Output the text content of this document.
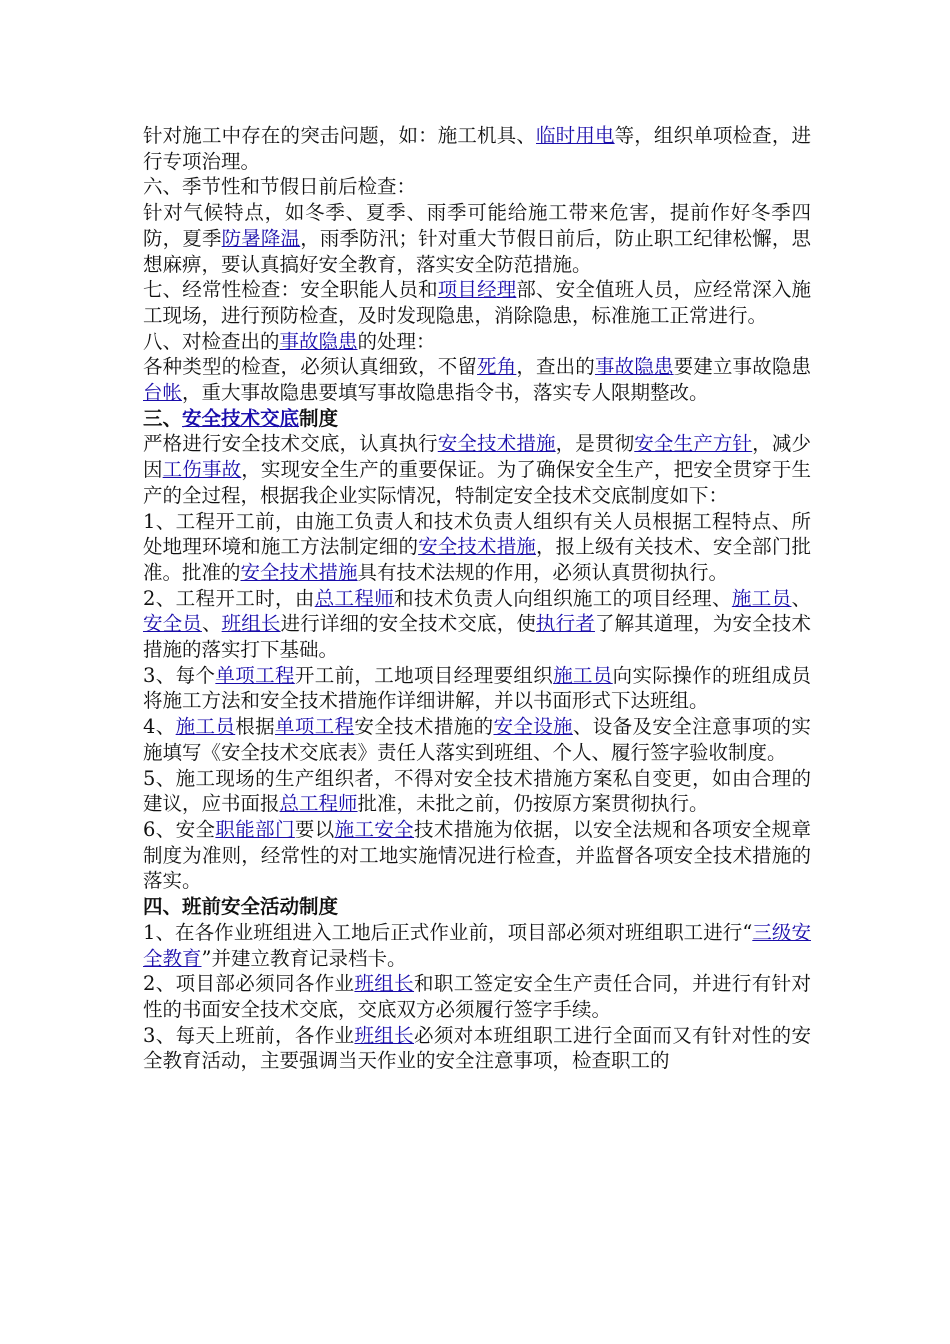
针对施工中存在的突击问题，如：施工机具、临时用电等，组织单项检查，进行专项治理。

六、季节性和节假日前后检查：

针对气候特点，如冬季、夏季、雨季可能给施工带来危害，提前作好冬季四防，夏季防暑降温，雨季防汛；针对重大节假日前后，防止职工纪律松懈，思想麻痹，要认真搞好安全教育，落实安全防范措施。

七、经常性检查：安全职能人员和项目经理部、安全值班人员，应经常深入施工现场，进行预防检查，及时发现隐患，消除隐患，标准施工正常进行。

八、对检查出的事故隐患的处理：

各种类型的检查，必须认真细致，不留死角，查出的事故隐患要建立事故隐患台帐，重大事故隐患要填写事故隐患指令书，落实专人限期整改。

三、安全技术交底制度

严格进行安全技术交底，认真执行安全技术措施，是贯彻安全生产方针，减少因工伤事故，实现安全生产的重要保证。为了确保安全生产，把安全贯穿于生产的全过程，根据我企业实际情况，特制定安全技术交底制度如下：

1、工程开工前，由施工负责人和技术负责人组织有关人员根据工程特点、所处地理环境和施工方法制定细的安全技术措施，报上级有关技术、安全部门批准。批准的安全技术措施具有技术法规的作用，必须认真贯彻执行。

2、工程开工时，由总工程师和技术负责人向组织施工的项目经理、施工员、安全员、班组长进行详细的安全技术交底，使执行者了解其道理，为安全技术措施的落实打下基础。

3、每个单项工程开工前，工地项目经理要组织施工员向实际操作的班组成员将施工方法和安全技术措施作详细讲解，并以书面形式下达班组。

4、施工员根据单项工程安全技术措施的安全设施、设备及安全注意事项的实施填写《安全技术交底表》责任人落实到班组、个人、履行签字验收制度。

5、施工现场的生产组织者，不得对安全技术措施方案私自变更，如由合理的建议，应书面报总工程师批准，未批之前，仍按原方案贯彻执行。

6、安全职能部门要以施工安全技术措施为依据，以安全法规和各项安全规章制度为准则，经常性的对工地实施情况进行检查，并监督各项安全技术措施的落实。

四、班前安全活动制度

1、在各作业班组进入工地后正式作业前，项目部必须对班组职工进行“三级安全教育”并建立教育记录档卡。

2、项目部必须同各作业班组长和职工签定安全生产责任合同，并进行有针对性的书面安全技术交底，交底双方必须履行签字手续。

3、每天上班前，各作业班组长必须对本班组职工进行全面而又有针对性的安全教育活动，主要强调当天作业的安全注意事项，检查职工的
